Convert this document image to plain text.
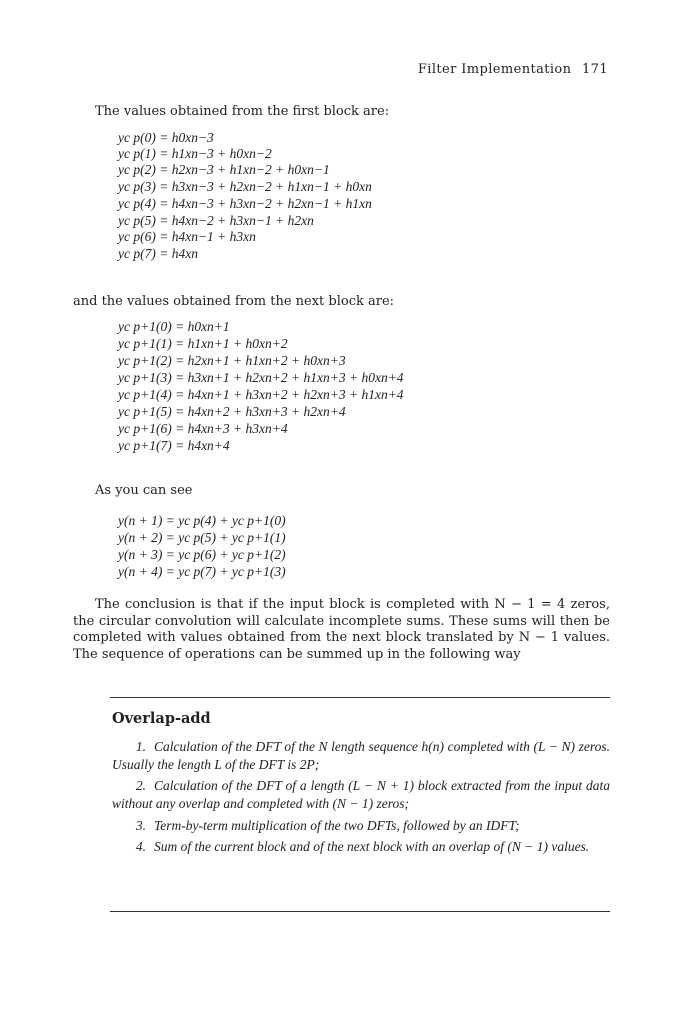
Filter Implementation 171
The values obtained from the first block are:
yc p(0) = h0xn−3
yc p(1) = h1xn−3 + h0xn−2
yc p(2) = h2xn−3 + h1xn−2 + h0xn−1
yc p(3) = h3xn−3 + h2xn−2 + h1xn−1 + h0xn
yc p(4) = h4xn−3 + h3xn−2 + h2xn−1 + h1xn
yc p(5) = h4xn−2 + h3xn−1 + h2xn
yc p(6) = h4xn−1 + h3xn
yc p(7) = h4xn
and the values obtained from the next block are:
yc p+1(0) = h0xn+1
yc p+1(1) = h1xn+1 + h0xn+2
yc p+1(2) = h2xn+1 + h1xn+2 + h0xn+3
yc p+1(3) = h3xn+1 + h2xn+2 + h1xn+3 + h0xn+4
yc p+1(4) = h4xn+1 + h3xn+2 + h2xn+3 + h1xn+4
yc p+1(5) = h4xn+2 + h3xn+3 + h2xn+4
yc p+1(6) = h4xn+3 + h3xn+4
yc p+1(7) = h4xn+4
As you can see
y(n + 1) = yc p(4) + yc p+1(0)
y(n + 2) = yc p(5) + yc p+1(1)
y(n + 3) = yc p(6) + yc p+1(2)
y(n + 4) = yc p(7) + yc p+1(3)
The conclusion is that if the input block is completed with N − 1 = 4 zeros, the circular convolution will calculate incomplete sums. These sums will then be completed with values obtained from the next block translated by N − 1 values. The sequence of operations can be summed up in the following way
Overlap-add
1. Calculation of the DFT of the N length sequence h(n) completed with (L − N) zeros. Usually the length L of the DFT is 2P;
2. Calculation of the DFT of a length (L − N + 1) block extracted from the input data without any overlap and completed with (N − 1) zeros;
3. Term-by-term multiplication of the two DFTs, followed by an IDFT;
4. Sum of the current block and of the next block with an overlap of (N − 1) values.
